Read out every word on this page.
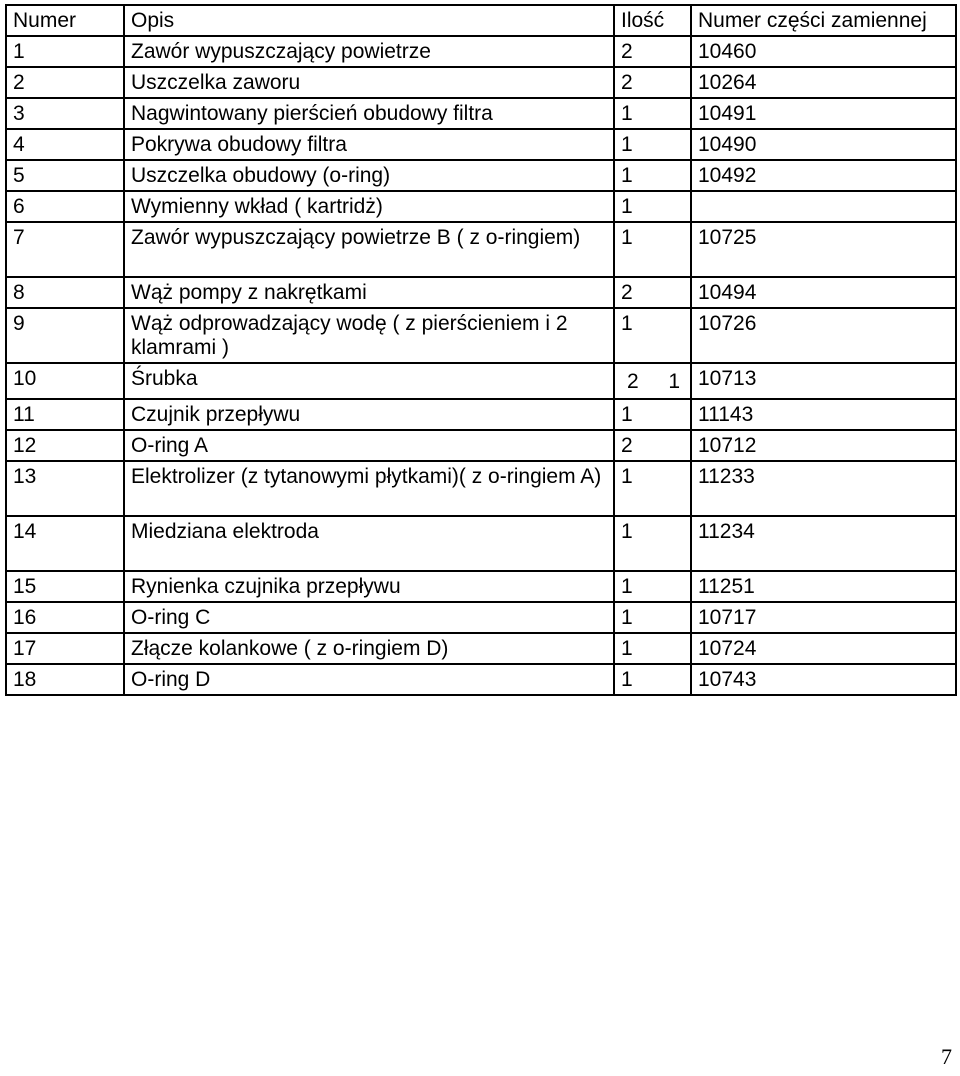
Numer	Opis	Ilość	Numer części zamiennej
1	Zawór wypuszczający powietrze	2	10460
2	Uszczelka zaworu	2	10264
3	Nagwintowany pierścień obudowy filtra	1	10491
4	Pokrywa obudowy filtra	1	10490
5	Uszczelka obudowy (o-ring)	1	10492
6	Wymienny wkład ( kartridż)	1	
7	Zawór wypuszczający powietrze B ( z o-ringiem)	1	10725
8	Wąż pompy z nakrętkami	2	10494
9	Wąż odprowadzający wodę ( z pierścieniem i 2 klamrami )	1	10726
10	Śrubka	2 1	10713
11	Czujnik przepływu	1	11143
12	O-ring A	2	10712
13	Elektrolizer (z tytanowymi płytkami)( z o-ringiem A)	1	11233
14	Miedziana elektroda	1	11234
15	Rynienka czujnika przepływu	1	11251
16	O-ring C	1	10717
17	Złącze kolankowe ( z o-ringiem D)	1	10724
18	O-ring D	1	10743
7
